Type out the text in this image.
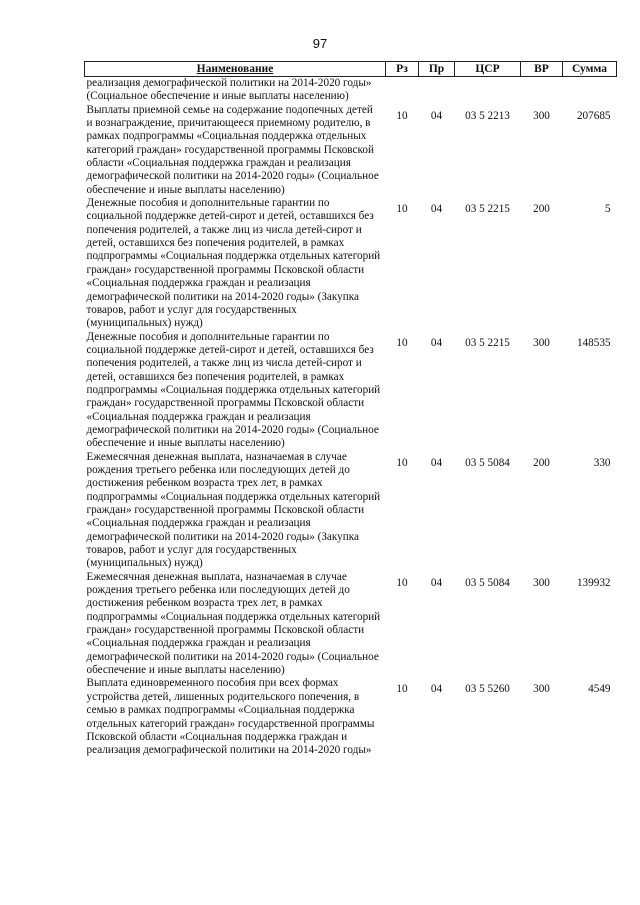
97
Наименование	Рз	Пр	ЦСР	ВР	Сумма
реализация демографической политики на 2014-2020 годы» (Социальное обеспечение и иные выплаты населению)					
Выплаты приемной семье на содержание подопечных детей и вознаграждение, причитающееся приемному родителю, в рамках подпрограммы «Социальная поддержка отдельных категорий граждан» государственной программы Псковской области «Социальная поддержка граждан и реализация демографической политики на 2014-2020 годы» (Социальное обеспечение и иные выплаты населению)	10	04	03 5 2213	300	207685
Денежные пособия и дополнительные гарантии по социальной поддержке детей-сирот и детей, оставшихся без попечения родителей, а также лиц из числа детей-сирот и детей, оставшихся без попечения родителей, в рамках подпрограммы «Социальная поддержка отдельных категорий граждан» государственной программы Псковской области «Социальная поддержка граждан и реализация демографической политики на 2014-2020 годы» (Закупка товаров, работ и услуг для государственных (муниципальных) нужд)	10	04	03 5 2215	200	5
Денежные пособия и дополнительные гарантии по социальной поддержке детей-сирот и детей, оставшихся без попечения родителей, а также лиц из числа детей-сирот и детей, оставшихся без попечения родителей, в рамках подпрограммы «Социальная поддержка отдельных категорий граждан» государственной программы Псковской области «Социальная поддержка граждан и реализация демографической политики на 2014-2020 годы» (Социальное обеспечение и иные выплаты населению)	10	04	03 5 2215	300	148535
Ежемесячная денежная выплата, назначаемая в случае рождения третьего ребенка или последующих детей до достижения ребенком возраста трех лет, в рамках подпрограммы «Социальная поддержка отдельных категорий граждан» государственной программы Псковской области «Социальная поддержка граждан и реализация демографической политики на 2014-2020 годы» (Закупка товаров, работ и услуг для государственных (муниципальных) нужд)	10	04	03 5 5084	200	330
Ежемесячная денежная выплата, назначаемая в случае рождения третьего ребенка или последующих детей до достижения ребенком возраста трех лет, в рамках подпрограммы «Социальная поддержка отдельных категорий граждан» государственной программы Псковской области «Социальная поддержка граждан и реализация демографической политики на 2014-2020 годы» (Социальное обеспечение и иные выплаты населению)	10	04	03 5 5084	300	139932
Выплата единовременного пособия при всех формах устройства детей, лишенных родительского попечения, в семью в рамках подпрограммы «Социальная поддержка отдельных категорий граждан» государственной программы Псковской области «Социальная поддержка граждан и реализация демографической политики на 2014-2020 годы»	10	04	03 5 5260	300	4549
